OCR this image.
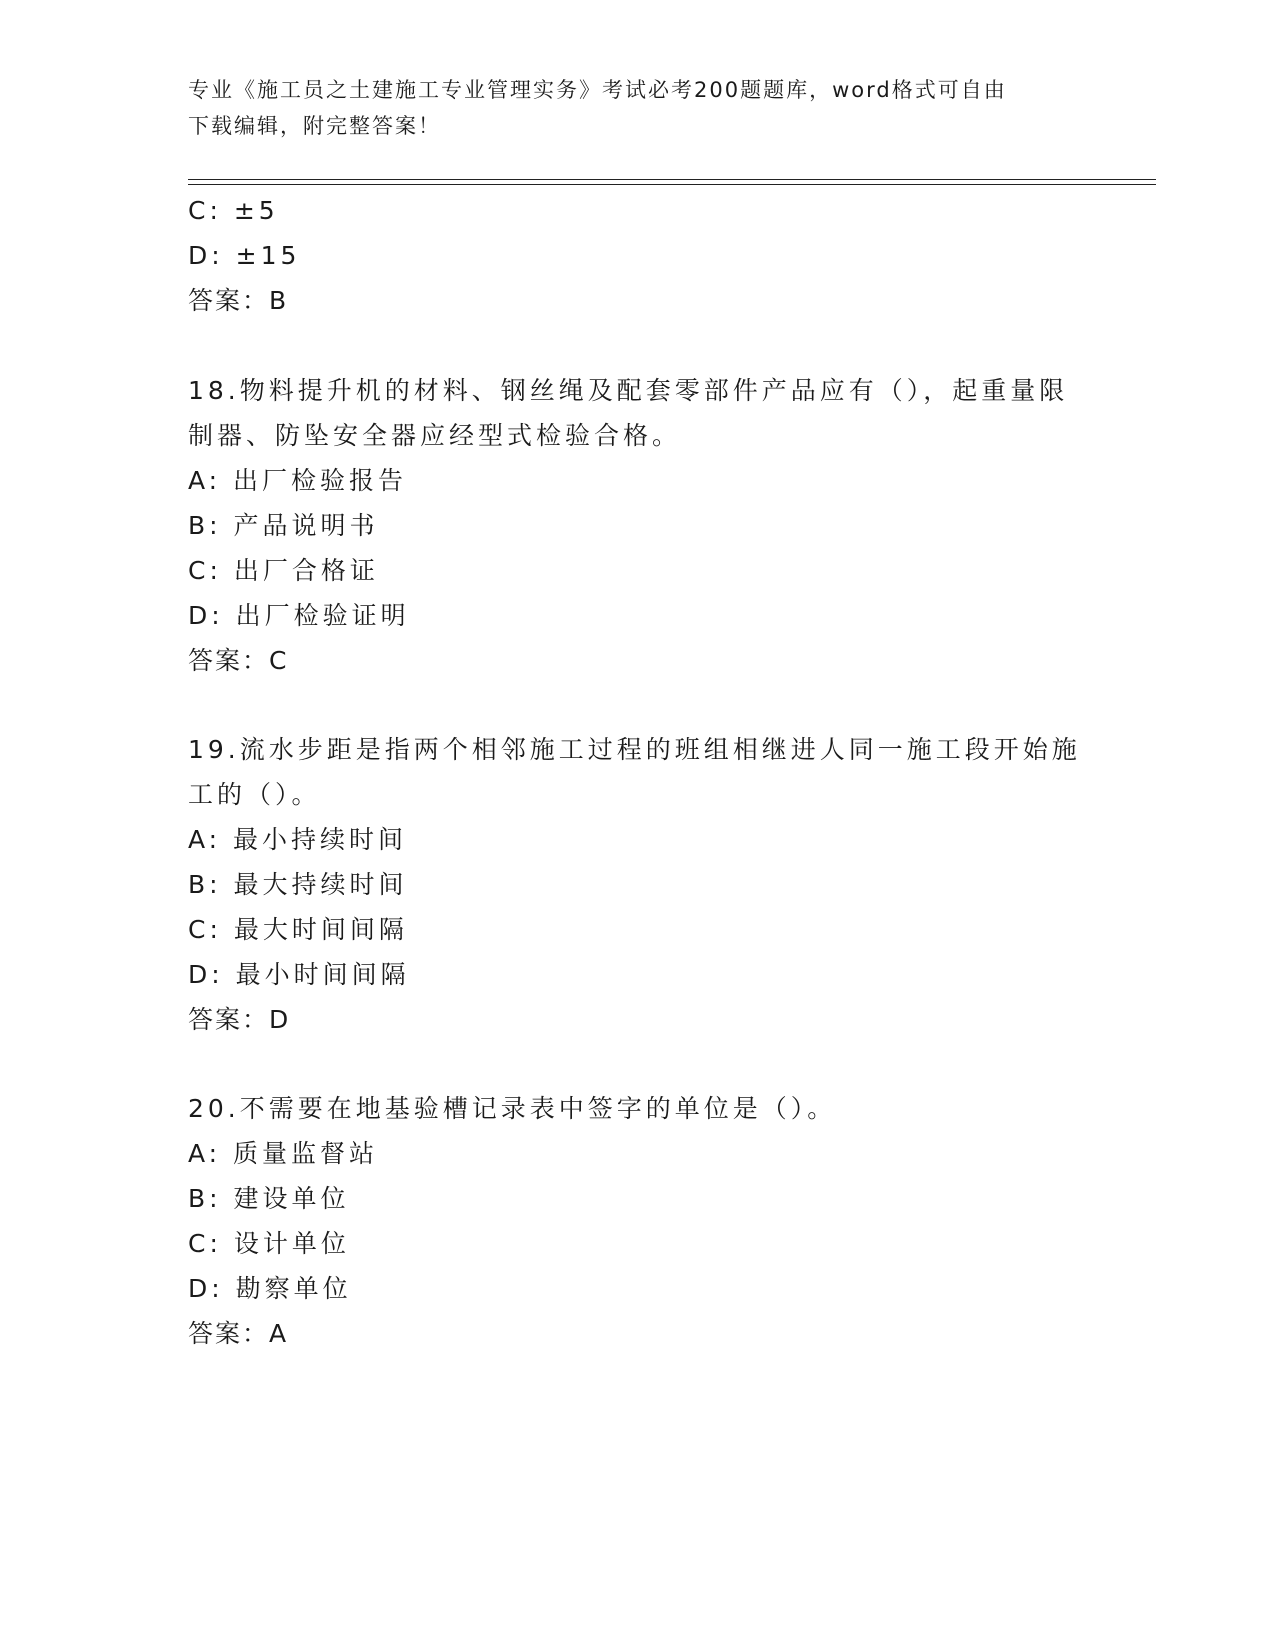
专业《施工员之土建施工专业管理实务》考试必考200题题库，word格式可自由
下载编辑，附完整答案！
C: ±5
D: ±15
答案：B
18.物料提升机的材料、钢丝绳及配套零部件产品应有（），起重量限
制器、防坠安全器应经型式检验合格。
A: 出厂检验报告
B: 产品说明书
C: 出厂合格证
D: 出厂检验证明
答案：C
19.流水步距是指两个相邻施工过程的班组相继进人同一施工段开始施
工的（）。
A: 最小持续时间
B: 最大持续时间
C: 最大时间间隔
D: 最小时间间隔
答案：D
20.不需要在地基验槽记录表中签字的单位是（）。
A: 质量监督站
B: 建设单位
C: 设计单位
D: 勘察单位
答案：A
